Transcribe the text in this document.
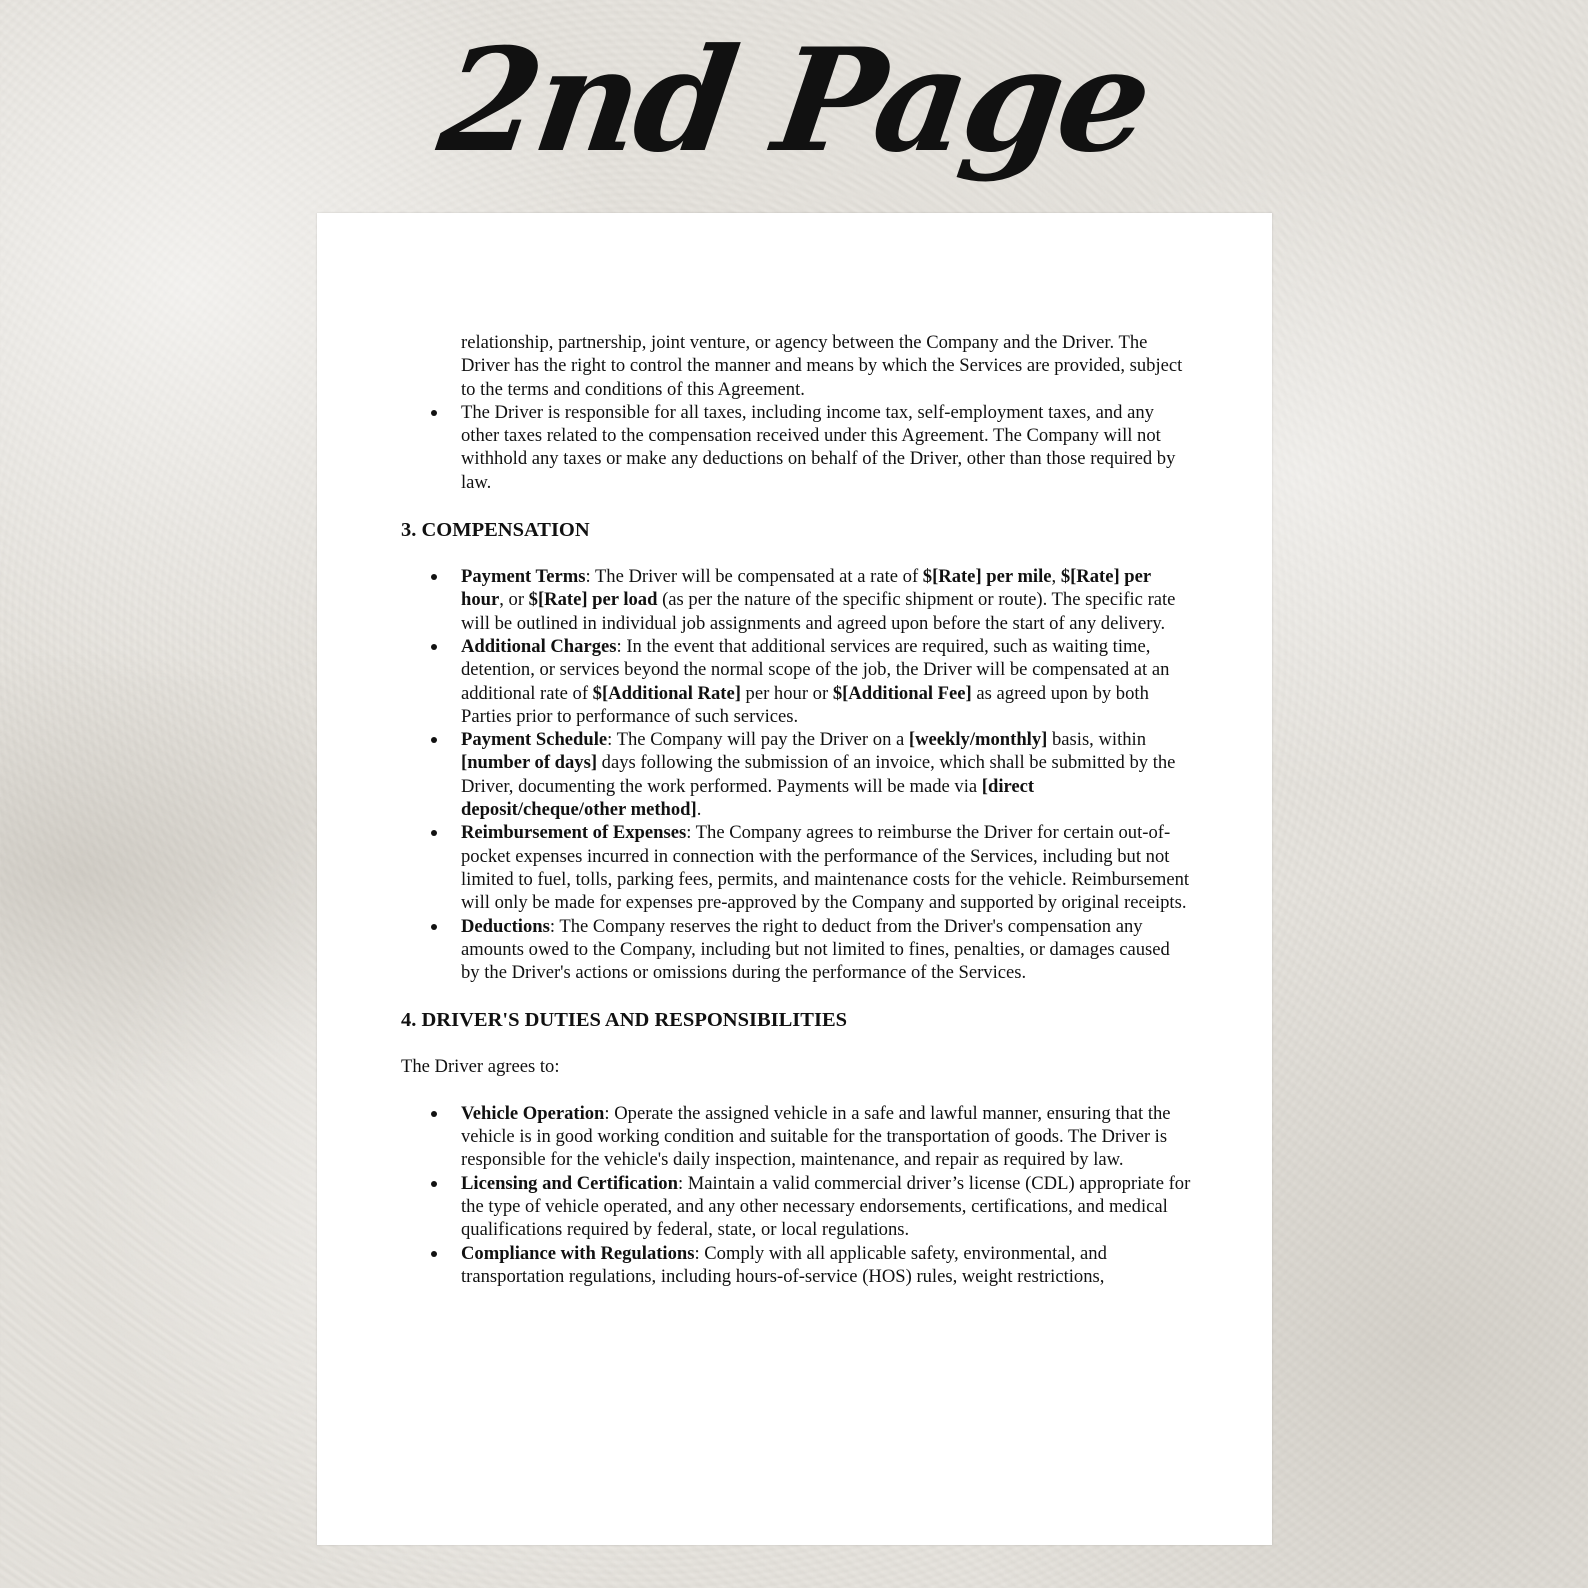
2nd Page

relationship, partnership, joint venture, or agency between the Company and the Driver. The Driver has the right to control the manner and means by which the Services are provided, subject to the terms and conditions of this Agreement.

The Driver is responsible for all taxes, including income tax, self-employment taxes, and any other taxes related to the compensation received under this Agreement. The Company will not withhold any taxes or make any deductions on behalf of the Driver, other than those required by law.
3. COMPENSATION
Payment Terms: The Driver will be compensated at a rate of $[Rate] per mile, $[Rate] per hour, or $[Rate] per load (as per the nature of the specific shipment or route). The specific rate will be outlined in individual job assignments and agreed upon before the start of any delivery.
Additional Charges: In the event that additional services are required, such as waiting time, detention, or services beyond the normal scope of the job, the Driver will be compensated at an additional rate of $[Additional Rate] per hour or $[Additional Fee] as agreed upon by both Parties prior to performance of such services.
Payment Schedule: The Company will pay the Driver on a [weekly/monthly] basis, within [number of days] days following the submission of an invoice, which shall be submitted by the Driver, documenting the work performed. Payments will be made via [direct deposit/cheque/other method].
Reimbursement of Expenses: The Company agrees to reimburse the Driver for certain out-of-pocket expenses incurred in connection with the performance of the Services, including but not limited to fuel, tolls, parking fees, permits, and maintenance costs for the vehicle. Reimbursement will only be made for expenses pre-approved by the Company and supported by original receipts.
Deductions: The Company reserves the right to deduct from the Driver's compensation any amounts owed to the Company, including but not limited to fines, penalties, or damages caused by the Driver's actions or omissions during the performance of the Services.
4. DRIVER'S DUTIES AND RESPONSIBILITIES

The Driver agrees to:

Vehicle Operation: Operate the assigned vehicle in a safe and lawful manner, ensuring that the vehicle is in good working condition and suitable for the transportation of goods. The Driver is responsible for the vehicle's daily inspection, maintenance, and repair as required by law.
Licensing and Certification: Maintain a valid commercial driver’s license (CDL) appropriate for the type of vehicle operated, and any other necessary endorsements, certifications, and medical qualifications required by federal, state, or local regulations.
Compliance with Regulations: Comply with all applicable safety, environmental, and transportation regulations, including hours-of-service (HOS) rules, weight restrictions,
